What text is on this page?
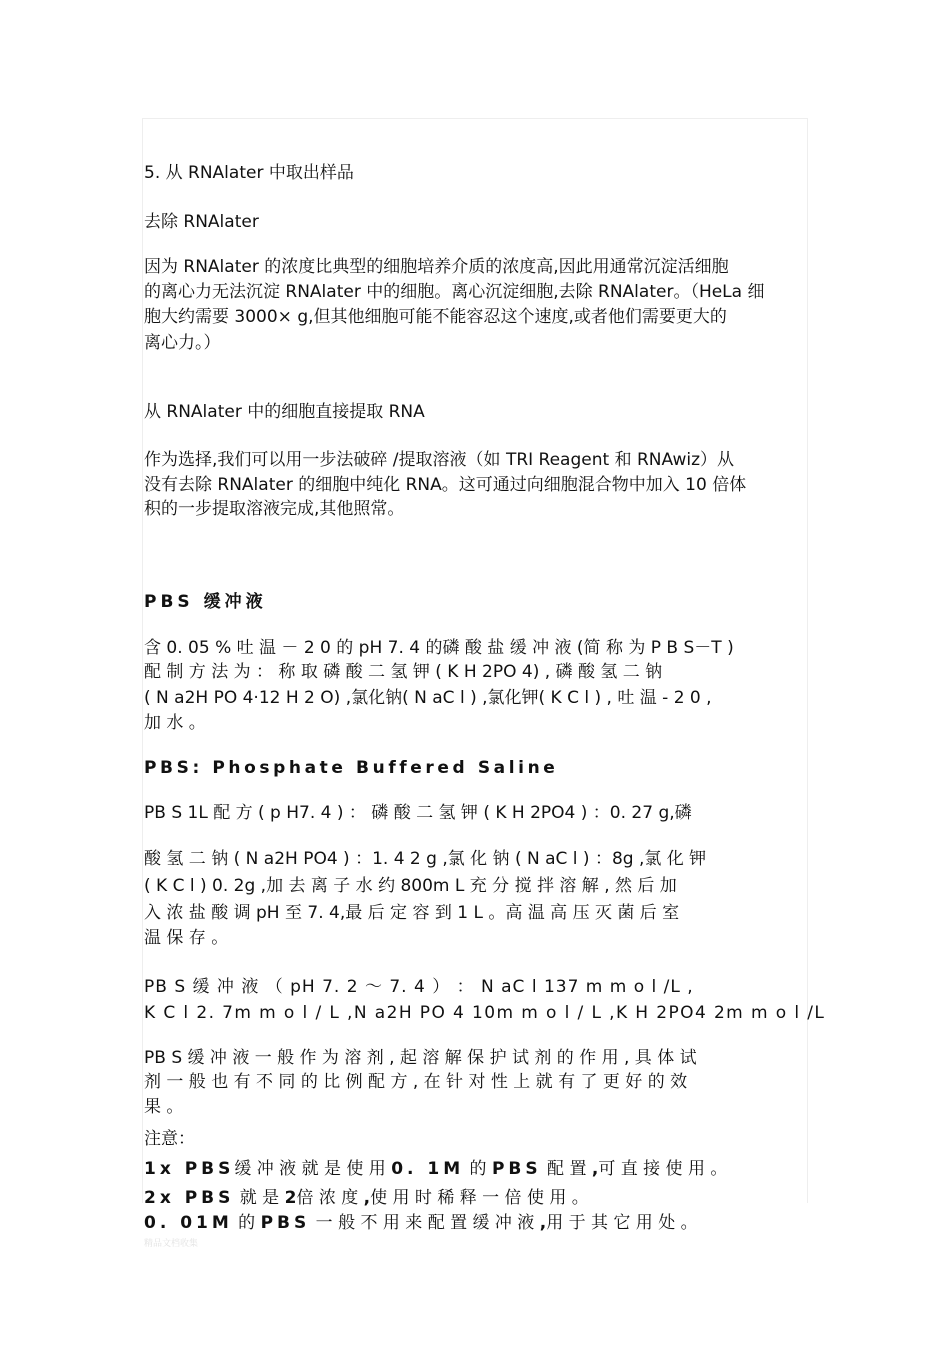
5. 从 RNAlater 中取出样品

去除 RNAlater

因为 RNAlater 的浓度比典型的细胞培养介质的浓度高,因此用通常沉淀活细胞

的离心力无法沉淀 RNAlater 中的细胞。离心沉淀细胞,去除 RNAlater。（HeLa 细

胞大约需要 3000× g,但其他细胞可能不能容忍这个速度,或者他们需要更大的

离心力。）

从 RNAlater 中的细胞直接提取 RNA

作为选择,我们可以用一步法破碎 /提取溶液（如 TRI Reagent 和 RNAwiz）从

没有去除 RNAlater 的细胞中纯化 RNA。这可通过向细胞混合物中加入 10 倍体

积的一步提取溶液完成,其他照常。

PBS 缓冲液

含 0. 05 % 吐 温 － 2 0 的 pH 7. 4 的磷 酸 盐 缓 冲 液 (简 称 为 P B S－T )

配 制 方 法 为 ： 称 取 磷 酸 二 氢 钾 ( K H 2PO 4) , 磷 酸 氢 二 钠

( N a2H PO 4·12 H 2 O) ,氯化钠( N aC l ) ,氯化钾( K C l ) , 吐 温 - 2 0 ,

加 水 。

PBS: Phosphate Buffered Saline

PB S 1L 配 方 ( p H7. 4 ) ： 磷 酸 二 氢 钾 ( K H 2PO4 ) ：0. 27 g,磷

酸 氢 二 钠 ( N a2H PO4 ) ：1. 4 2 g ,氯 化 钠 ( N aC l ) ：8g ,氯 化 钾

( K C l ) 0. 2g ,加 去 离 子 水 约 800m L 充 分 搅 拌 溶 解 , 然 后 加

入 浓 盐 酸 调 pH 至 7. 4,最 后 定 容 到 1 L 。高 温 高 压 灭 菌 后 室

温 保 存 。

PB S 缓 冲 液 （ pH 7. 2 ～ 7. 4 ） ： N aC l 137 m m o l /L ,

K C l 2. 7m m o l / L ,N a2H PO 4 10m m o l / L ,K H 2PO4 2m m o l /L

PB S 缓 冲 液 一 般 作 为 溶 剂 , 起 溶 解 保 护 试 剂 的 作 用 , 具 体 试

剂 一 般 也 有 不 同 的 比 例 配 方 , 在 针 对 性 上 就 有 了 更 好 的 效

果 。

注意：

1x PBS缓 冲 液 就 是 使 用 0. 1M 的 PBS 配 置 ,可 直 接 使 用 。

2x PBS 就 是 2倍 浓 度 ,使 用 时 稀 释 一 倍 使 用 。

0. 01M 的 PBS 一 般 不 用 来 配 置 缓 冲 液 ,用 于 其 它 用 处 。

精品文档收集
